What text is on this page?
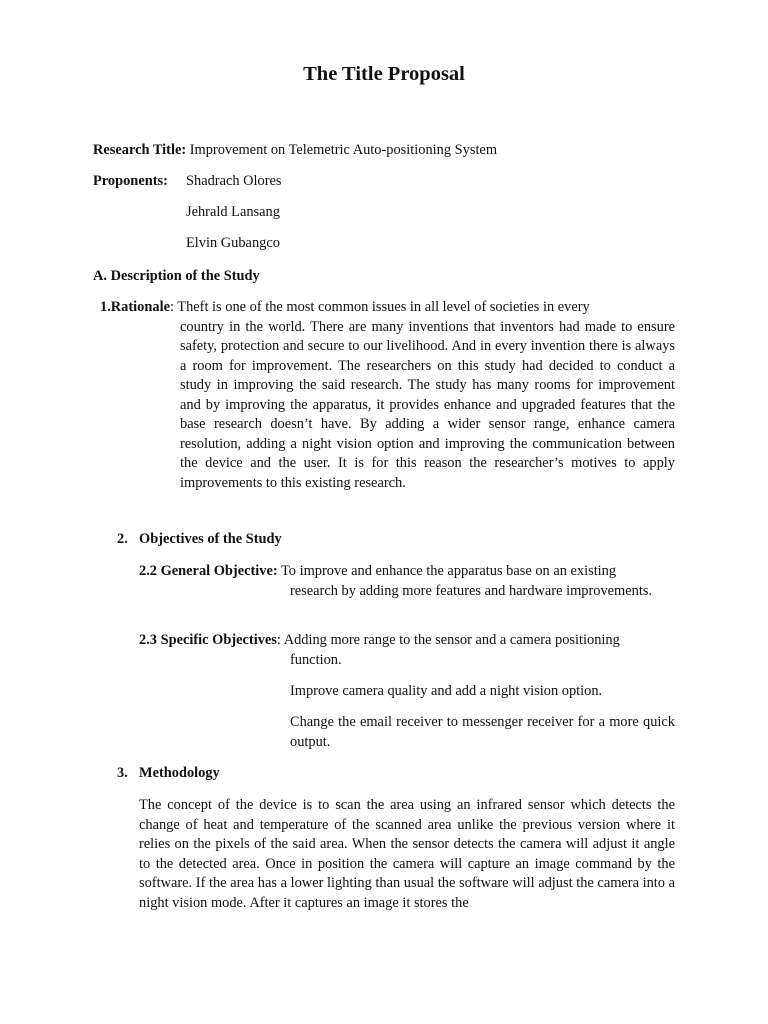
The Title Proposal
Research Title: Improvement on Telemetric Auto-positioning System
Proponents: Shadrach Olores
Jehrald Lansang
Elvin Gubangco
A. Description of the Study
1.Rationale: Theft is one of the most common issues in all level of societies in every

country in the world. There are many inventions that inventors had made to ensure safety, protection and secure to our livelihood. And in every invention there is always a room for improvement. The researchers on this study had decided to conduct a study in improving the said research. The study has many rooms for improvement and by improving the apparatus, it provides enhance and upgraded features that the base research doesn’t have. By adding a wider sensor range, enhance camera resolution, adding a night vision option and improving the communication between the device and the user. It is for this reason the researcher’s motives to apply improvements to this existing research.

2. Objectives of the Study
2.2 General Objective: To improve and enhance the apparatus base on an existing

research by adding more features and hardware improvements.

2.3 Specific Objectives: Adding more range to the sensor and a camera positioning

function.

Improve camera quality and add a night vision option.

Change the email receiver to messenger receiver for a more quick output.

3. Methodology

The concept of the device is to scan the area using an infrared sensor which detects the change of heat and temperature of the scanned area unlike the previous version where it relies on the pixels of the said area. When the sensor detects the camera will adjust it angle to the detected area. Once in position the camera will capture an image command by the software. If the area has a lower lighting than usual the software will adjust the camera into a night vision mode. After it captures an image it stores the
